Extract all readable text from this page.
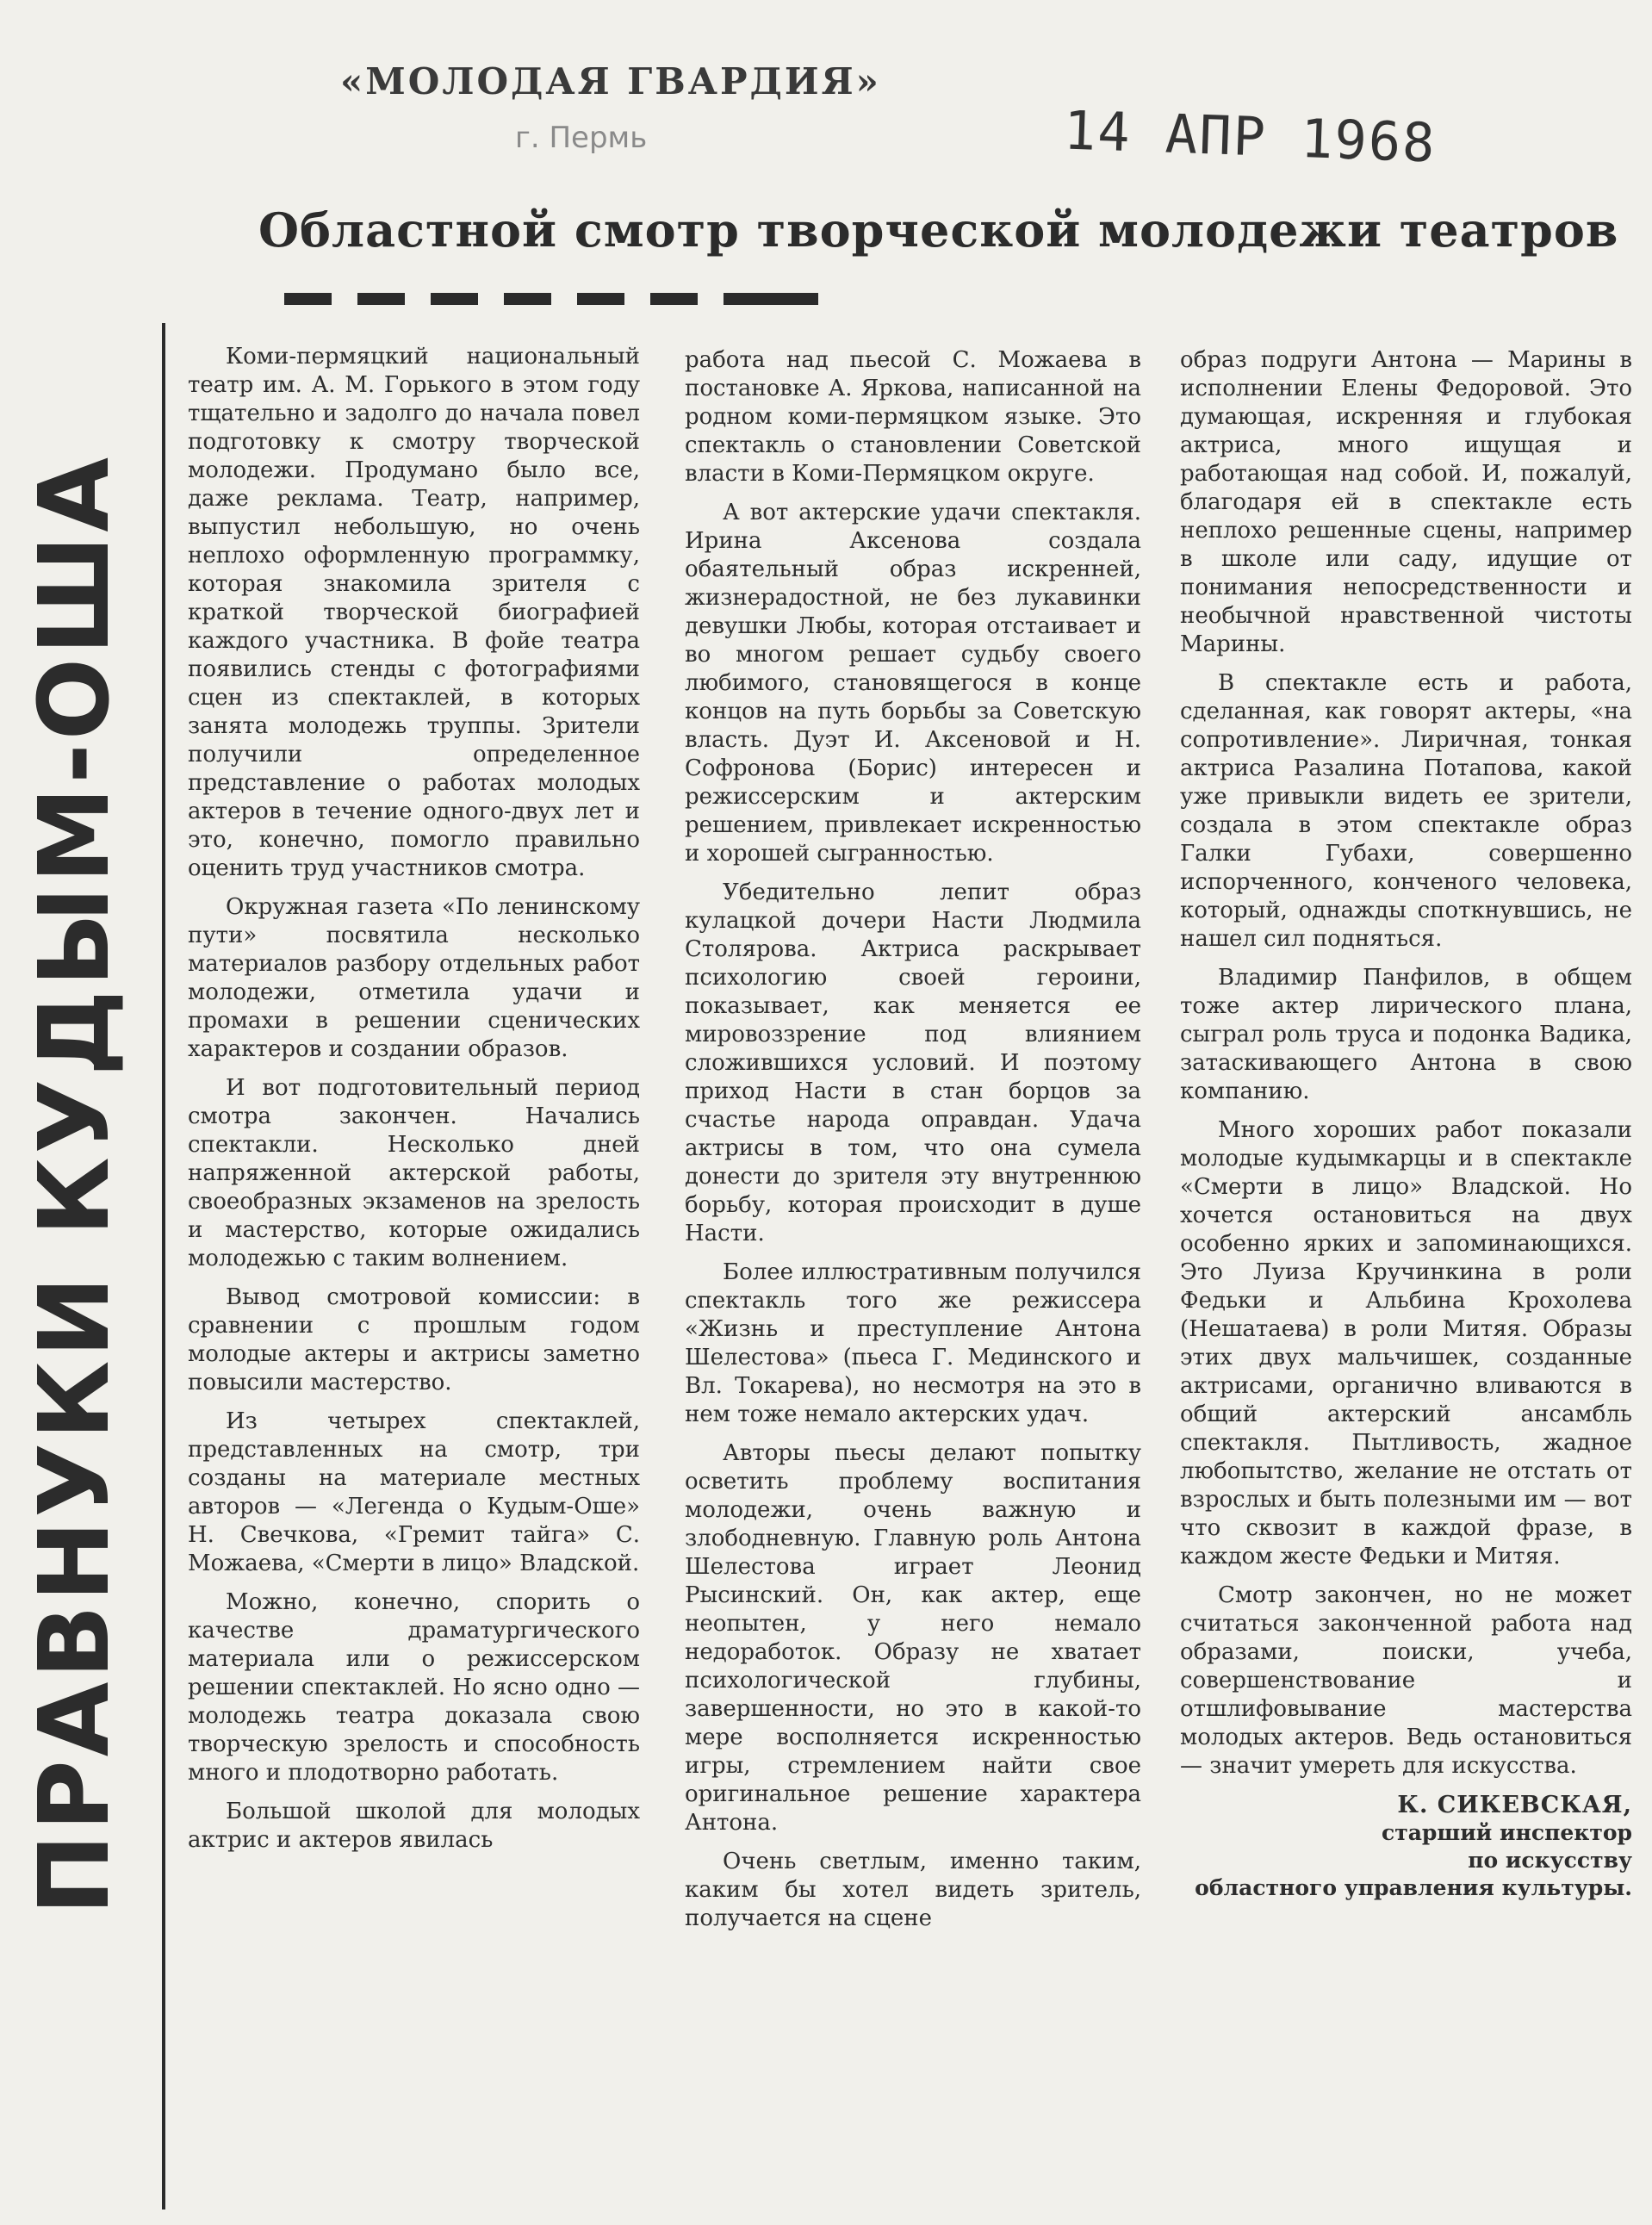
«МОЛОДАЯ ГВАРДИЯ»
г. Пермь	14 АПР 1968
Областной смотр творческой молодежи театров
ПРАВНУКИ КУДЫМ-ОША

Коми-пермяцкий национальный театр им. А. М. Горького в этом году тщательно и задолго до начала повел подготовку к смотру творческой молодежи. Продумано было все, даже реклама. Театр, например, выпустил небольшую, но очень неплохо оформленную программку, которая знакомила зрителя с краткой творческой биографией каждого участника. В фойе театра появились стенды с фотографиями сцен из спектаклей, в которых занята молодежь труппы. Зрители получили определенное представление о работах молодых актеров в течение одного-двух лет и это, конечно, помогло правильно оценить труд участников смотра.

Окружная газета «По ленинскому пути» посвятила несколько материалов разбору отдельных работ молодежи, отметила удачи и промахи в решении сценических характеров и создании образов.

И вот подготовительный период смотра закончен. Начались спектакли. Несколько дней напряженной актерской работы, своеобразных экзаменов на зрелость и мастерство, которые ожидались молодежью с таким волнением.

Вывод смотровой комиссии: в сравнении с прошлым годом молодые актеры и актрисы заметно повысили мастерство.

Из четырех спектаклей, представленных на смотр, три созданы на материале местных авторов — «Легенда о Кудым-Оше» Н. Свечкова, «Гремит тайга» С. Можаева, «Смерти в лицо» Владской.

Можно, конечно, спорить о качестве драматургического материала или о режиссерском решении спектаклей. Но ясно одно — молодежь театра доказала свою творческую зрелость и способность много и плодотворно работать.

Большой школой для молодых актрис и актеров явилась

работа над пьесой С. Можаева в постановке А. Яркова, написанной на родном коми-пермяцком языке. Это спектакль о становлении Советской власти в Коми-Пермяцком округе.

А вот актерские удачи спектакля. Ирина Аксенова создала обаятельный образ искренней, жизнерадостной, не без лукавинки девушки Любы, которая отстаивает и во многом решает судьбу своего любимого, становящегося в конце концов на путь борьбы за Советскую власть. Дуэт И. Аксеновой и Н. Софронова (Борис) интересен и режиссерским и актерским решением, привлекает искренностью и хорошей сыгранностью.

Убедительно лепит образ кулацкой дочери Насти Людмила Столярова. Актриса раскрывает психологию своей героини, показывает, как меняется ее мировоззрение под влиянием сложившихся условий. И поэтому приход Насти в стан борцов за счастье народа оправдан. Удача актрисы в том, что она сумела донести до зрителя эту внутреннюю борьбу, которая происходит в душе Насти.

Более иллюстративным получился спектакль того же режиссера «Жизнь и преступление Антона Шелестова» (пьеса Г. Мединского и Вл. Токарева), но несмотря на это в нем тоже немало актерских удач.

Авторы пьесы делают попытку осветить проблему воспитания молодежи, очень важную и злободневную. Главную роль Антона Шелестова играет Леонид Рысинский. Он, как актер, еще неопытен, у него немало недоработок. Образу не хватает психологической глубины, завершенности, но это в какой-то мере восполняется искренностью игры, стремлением найти свое оригинальное решение характера Антона.

Очень светлым, именно таким, каким бы хотел видеть зритель, получается на сцене

образ подруги Антона — Марины в исполнении Елены Федоровой. Это думающая, искренняя и глубокая актриса, много ищущая и работающая над собой. И, пожалуй, благодаря ей в спектакле есть неплохо решенные сцены, например в школе или саду, идущие от понимания непосредственности и необычной нравственной чистоты Марины.

В спектакле есть и работа, сделанная, как говорят актеры, «на сопротивление». Лиричная, тонкая актриса Разалина Потапова, какой уже привыкли видеть ее зрители, создала в этом спектакле образ Галки Губахи, совершенно испорченного, конченого человека, который, однажды споткнувшись, не нашел сил подняться.

Владимир Панфилов, в общем тоже актер лирического плана, сыграл роль труса и подонка Вадика, затаскивающего Антона в свою компанию.

Много хороших работ показали молодые кудымкарцы и в спектакле «Смерти в лицо» Владской. Но хочется остановиться на двух особенно ярких и запоминающихся. Это Луиза Кручинкина в роли Федьки и Альбина Крохолева (Нешатаева) в роли Митяя. Образы этих двух мальчишек, созданные актрисами, органично вливаются в общий актерский ансамбль спектакля. Пытливость, жадное любопытство, желание не отстать от взрослых и быть полезными им — вот что сквозит в каждой фразе, в каждом жесте Федьки и Митяя.

Смотр закончен, но не может считаться законченной работа над образами, поиски, учеба, совершенствование и отшлифовывание мастерства молодых актеров. Ведь остановиться — значит умереть для искусства.

К. СИКЕВСКАЯ,
старший инспектор
по искусству
областного управления культуры.
